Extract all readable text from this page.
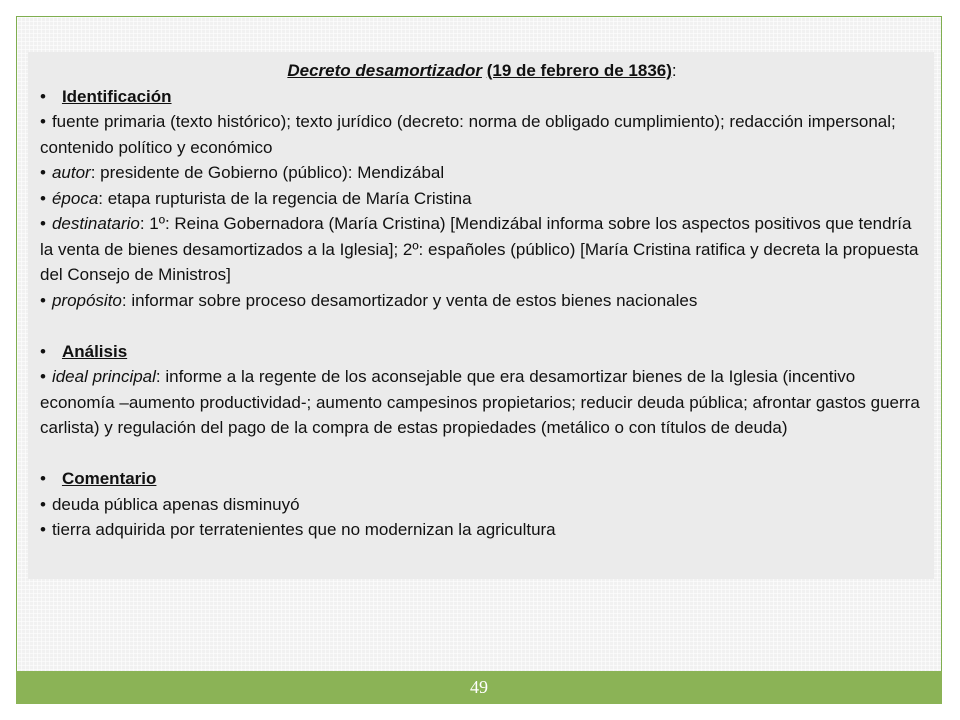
Decreto desamortizador (19 de febrero de 1836):

• Identificación

• fuente primaria (texto histórico); texto jurídico (decreto: norma de obligado cumplimiento); redacción impersonal; contenido político y económico

• autor: presidente de Gobierno (público): Mendizábal

• época: etapa rupturista de la regencia de María Cristina

• destinatario: 1º: Reina Gobernadora (María Cristina) [Mendizábal informa sobre los aspectos positivos que tendría la venta de bienes desamortizados a la Iglesia]; 2º: españoles (público) [María Cristina ratifica y decreta la propuesta del Consejo de Ministros]

• propósito: informar sobre proceso desamortizador y venta de estos bienes nacionales

• Análisis

• ideal principal: informe a la regente de los aconsejable que era desamortizar bienes de la Iglesia (incentivo economía –aumento productividad-; aumento campesinos propietarios; reducir deuda pública; afrontar gastos guerra carlista) y regulación del pago de la compra de estas propiedades (metálico o con títulos de deuda)

• Comentario

• deuda pública apenas disminuyó

• tierra adquirida por terratenientes que no modernizan la agricultura

49
